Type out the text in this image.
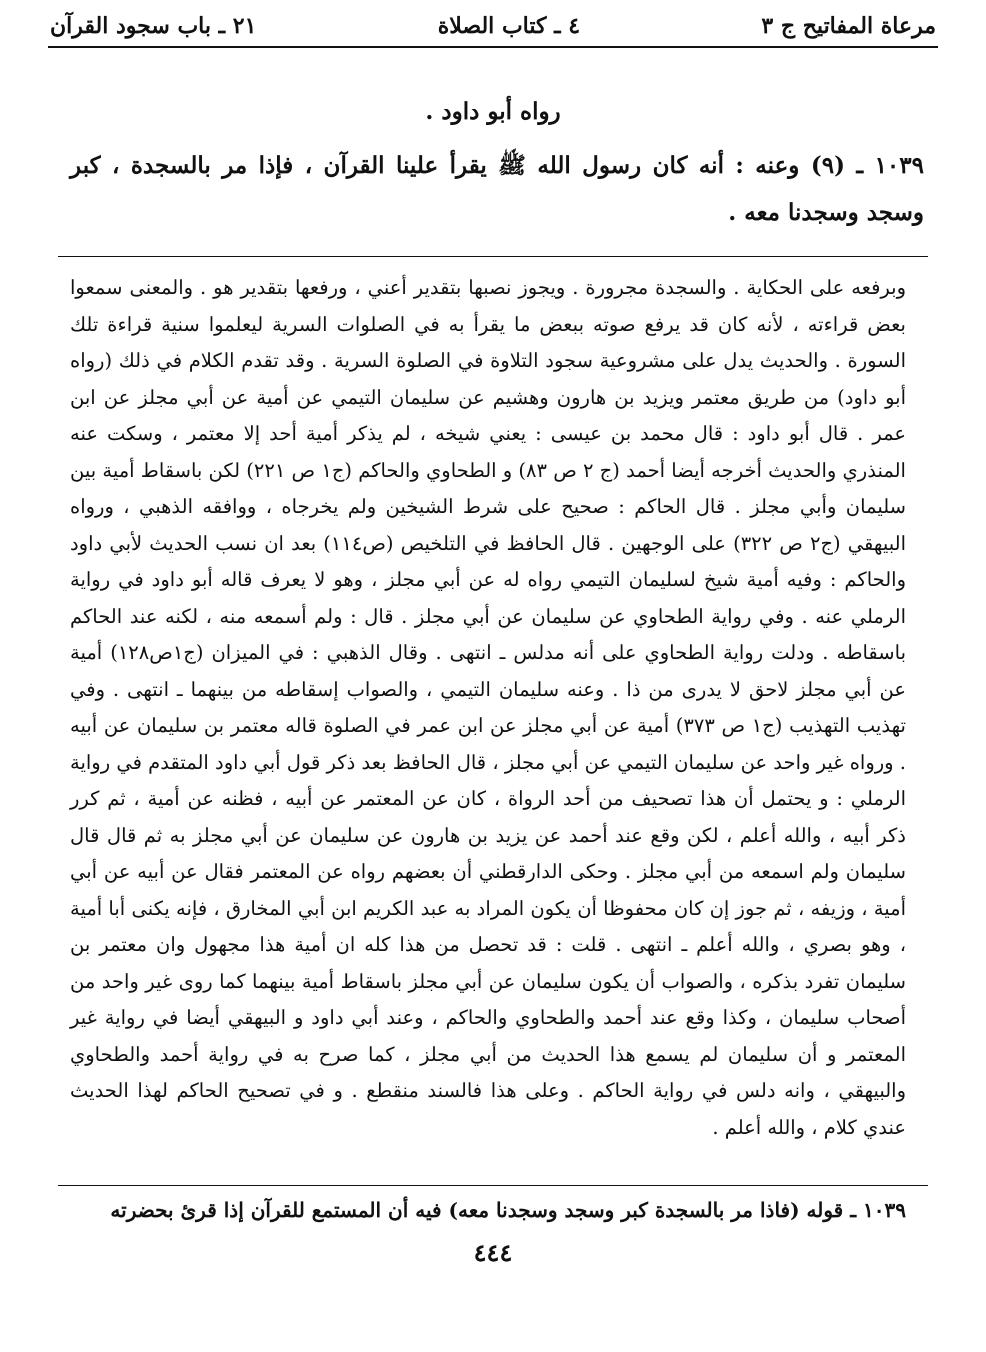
مرعاة المفاتيح ج ٣
٤ ـ كتاب الصلاة
٢١ ـ باب سجود القرآن
رواه أبو داود .
١٠٣٩ ـ (٩) وعنه : أنه كان رسول الله ﷺ يقرأ علينا القرآن ، فإذا مر بالسجدة ، كبر وسجد وسجدنا معه .
وبرفعه على الحكاية . والسجدة مجرورة . ويجوز نصبها بتقدير أعني ، ورفعها بتقدير هو . والمعنى سمعوا بعض قراءته ، لأنه كان قد يرفع صوته ببعض ما يقرأ به في الصلوات السرية ليعلموا سنية قراءة تلك السورة . والحديث يدل على مشروعية سجود التلاوة في الصلوة السرية . وقد تقدم الكلام في ذلك (رواه أبو داود) من طريق معتمر ويزيد بن هارون وهشيم عن سليمان التيمي عن أمية عن أبي مجلز عن ابن عمر . قال أبو داود : قال محمد بن عيسى : يعني شيخه ، لم يذكر أمية أحد إلا معتمر ، وسكت عنه المنذري والحديث أخرجه أيضا أحمد (ج ٢ ص ٨٣) و الطحاوي والحاكم (ج١ ص ٢٢١) لكن باسقاط أمية بين سليمان وأبي مجلز . قال الحاكم : صحيح على شرط الشيخين ولم يخرجاه ، ووافقه الذهبي ، ورواه البيهقي (ج٢ ص ٣٢٢) على الوجهين . قال الحافظ في التلخيص (ص١١٤) بعد ان نسب الحديث لأبي داود والحاكم : وفيه أمية شيخ لسليمان التيمي رواه له عن أبي مجلز ، وهو لا يعرف قاله أبو داود في رواية الرملي عنه . وفي رواية الطحاوي عن سليمان عن أبي مجلز . قال : ولم أسمعه منه ، لكنه عند الحاكم باسقاطه . ودلت رواية الطحاوي على أنه مدلس ـ انتهى . وقال الذهبي : في الميزان (ج١ص١٢٨) أمية عن أبي مجلز لاحق لا يدرى من ذا . وعنه سليمان التيمي ، والصواب إسقاطه من بينهما ـ انتهى . وفي تهذيب التهذيب (ج١ ص ٣٧٣) أمية عن أبي مجلز عن ابن عمر في الصلوة قاله معتمر بن سليمان عن أبيه . ورواه غير واحد عن سليمان التيمي عن أبي مجلز ، قال الحافظ بعد ذكر قول أبي داود المتقدم في رواية الرملي : و يحتمل أن هذا تصحيف من أحد الرواة ، كان عن المعتمر عن أبيه ، فظنه عن أمية ، ثم كرر ذكر أبيه ، والله أعلم ، لكن وقع عند أحمد عن يزيد بن هارون عن سليمان عن أبي مجلز به ثم قال قال سليمان ولم اسمعه من أبي مجلز . وحكى الدارقطني أن بعضهم رواه عن المعتمر فقال عن أبيه عن أبي أمية ، وزيفه ، ثم جوز إن كان محفوظا أن يكون المراد به عبد الكريم ابن أبي المخارق ، فإنه يكنى أبا أمية ، وهو بصري ، والله أعلم ـ انتهى . قلت : قد تحصل من هذا كله ان أمية هذا مجهول وان معتمر بن سليمان تفرد بذكره ، والصواب أن يكون سليمان عن أبي مجلز باسقاط أمية بينهما كما روى غير واحد من أصحاب سليمان ، وكذا وقع عند أحمد والطحاوي والحاكم ، وعند أبي داود و البيهقي أيضا في رواية غير المعتمر و أن سليمان لم يسمع هذا الحديث من أبي مجلز ، كما صرح به في رواية أحمد والطحاوي والبيهقي ، وانه دلس في رواية الحاكم . وعلى هذا فالسند منقطع . و في تصحيح الحاكم لهذا الحديث عندي كلام ، والله أعلم .
١٠٣٩ ـ قوله (فاذا مر بالسجدة كبر وسجد وسجدنا معه) فيه أن المستمع للقرآن إذا قرئ بحضرته
٤٤٤
